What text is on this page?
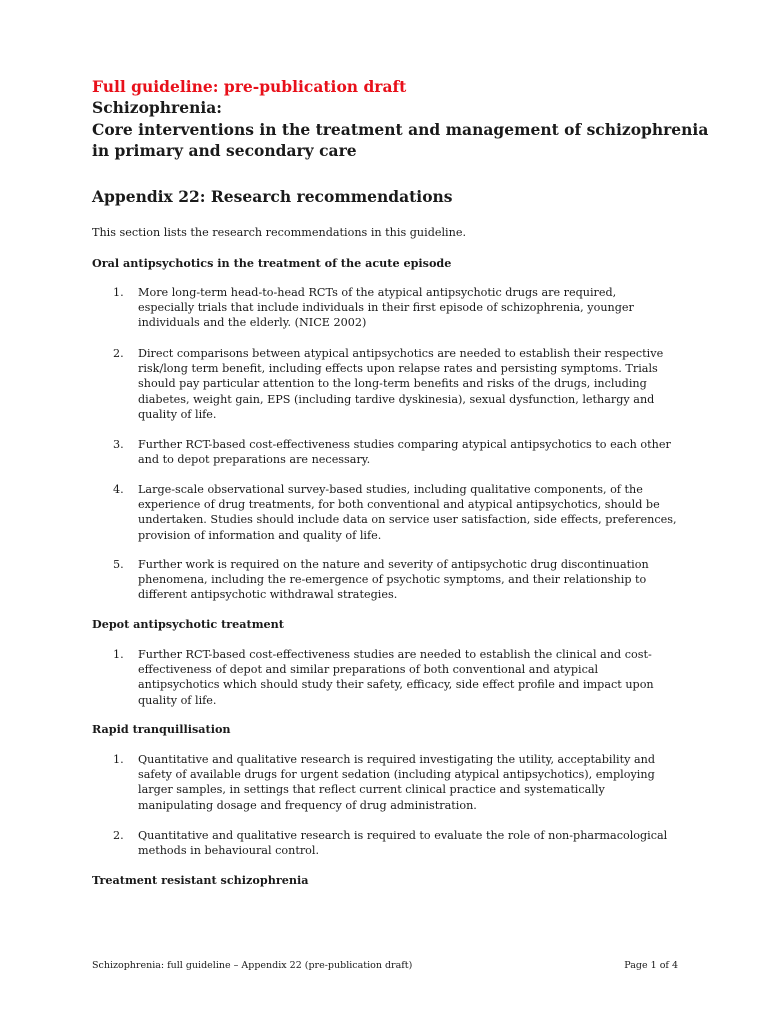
Full guideline: pre-publication draft

Schizophrenia:
Core interventions in the treatment and management of schizophrenia
in primary and secondary care
Appendix 22: Research recommendations

This section lists the research recommendations in this guideline.

Oral antipsychotics in the treatment of the acute episode
1.	More long-term head-to-head RCTs of the atypical antipsychotic drugs are required,
especially trials that include individuals in their first episode of schizophrenia, younger
individuals and the elderly. (NICE 2002)
2.	Direct comparisons between atypical antipsychotics are needed to establish their respective
risk/long term benefit, including effects upon relapse rates and persisting symptoms. Trials
should pay particular attention to the long-term benefits and risks of the drugs, including
diabetes, weight gain, EPS (including tardive dyskinesia), sexual dysfunction, lethargy and
quality of life.
3.	Further RCT-based cost-effectiveness studies comparing atypical antipsychotics to each other
and to depot preparations are necessary.
4.	Large-scale observational survey-based studies, including qualitative components, of the
experience of drug treatments, for both conventional and atypical antipsychotics, should be
undertaken. Studies should include data on service user satisfaction, side effects, preferences,
provision of information and quality of life.
5.	Further work is required on the nature and severity of antipsychotic drug discontinuation
phenomena, including the re-emergence of psychotic symptoms, and their relationship to
different antipsychotic withdrawal strategies.
Depot antipsychotic treatment
1.	Further RCT-based cost-effectiveness studies are needed to establish the clinical and cost-
effectiveness of depot and similar preparations of both conventional and atypical
antipsychotics which should study their safety, efficacy, side effect profile and impact upon
quality of life.
Rapid tranquillisation
1.	Quantitative and qualitative research is required investigating the utility, acceptability and
safety of available drugs for urgent sedation (including atypical antipsychotics), employing
larger samples, in settings that reflect current clinical practice and systematically
manipulating dosage and frequency of drug administration.
2.	Quantitative and qualitative research is required to evaluate the role of non-pharmacological
methods in behavioural control.
Treatment resistant schizophrenia

Schizophrenia: full guideline – Appendix 22 (pre-publication draft)	Page 1 of 4
